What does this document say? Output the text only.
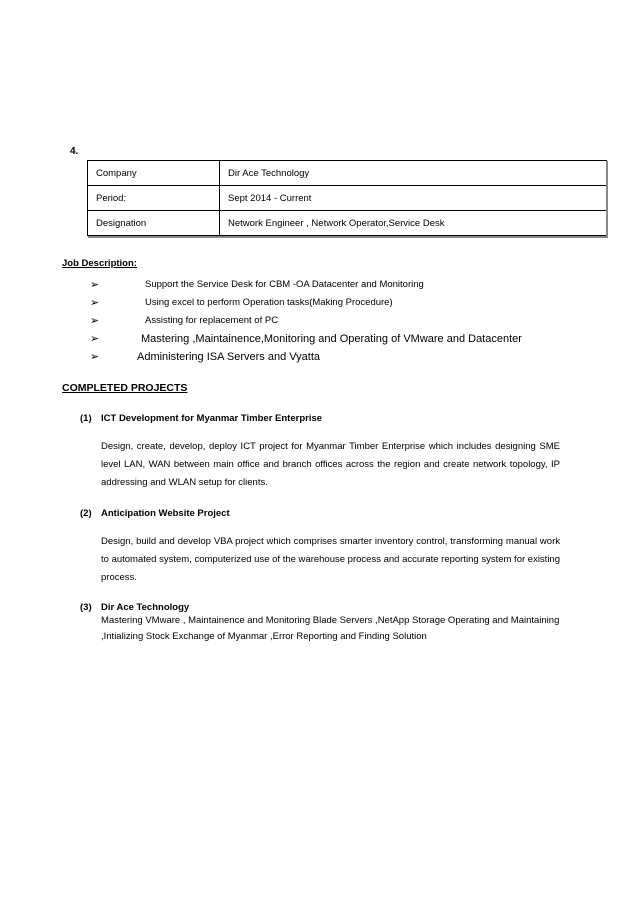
4.
Company	Dir Ace Technology
Period:	Sept 2014 - Current
Designation	Network Engineer , Network Operator,Service Desk
Job Description:
➢	Support the Service Desk for CBM -OA Datacenter and Monitoring
➢	Using excel to perform Operation tasks(Making Procedure)
➢	Assisting for replacement of PC
➢	Mastering ,Maintainence,Monitoring and Operating of VMware and Datacenter
➢	Administering ISA Servers and Vyatta
COMPLETED PROJECTS
(1) ICT Development for Myanmar Timber Enterprise
Design, create, develop, deploy ICT project for Myanmar Timber Enterprise which includes designing SME level LAN, WAN between main office and branch offices across the region and create network topology, IP addressing and WLAN setup for clients.
(2) Anticipation Website Project
Design, build and develop VBA project which comprises smarter inventory control, transforming manual work to automated system, computerized use of the warehouse process and accurate reporting system for existing process.
(3) Dir Ace Technology
Mastering VMware , Maintainence and Monitoring Blade Servers ,NetApp Storage Operating and Maintaining ,Intializing Stock Exchange of Myanmar ,Error Reporting and Finding Solution
